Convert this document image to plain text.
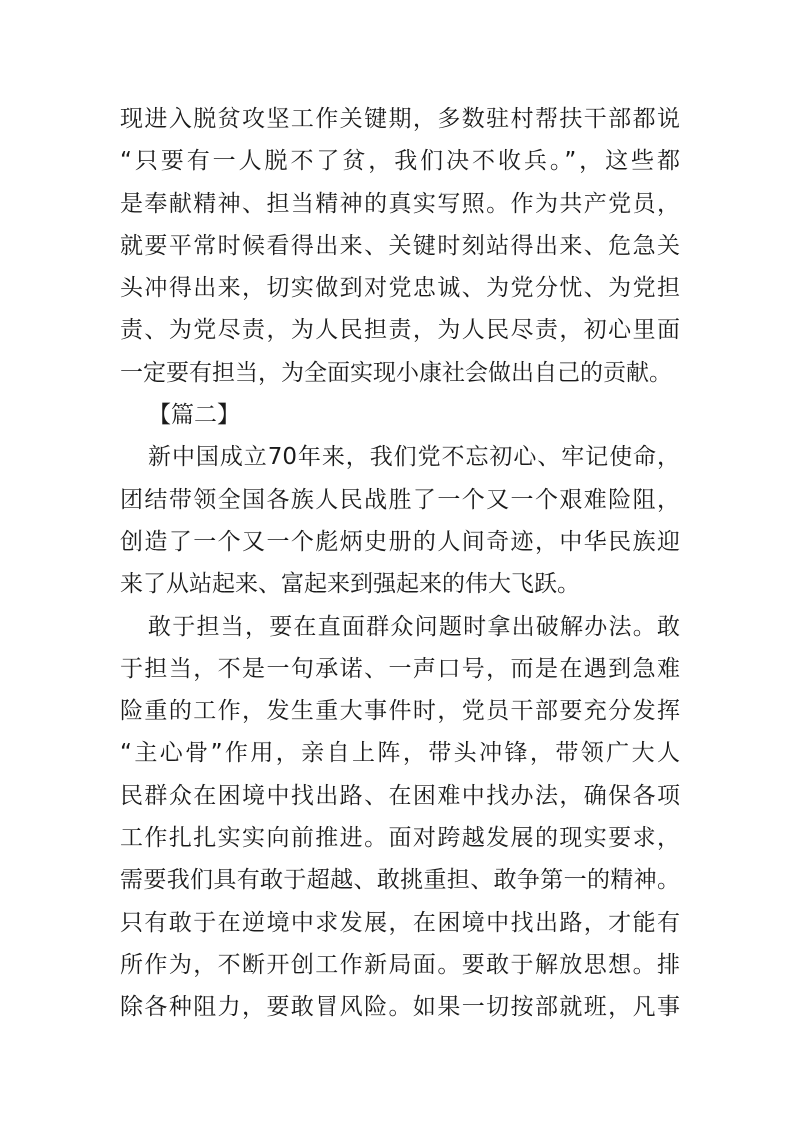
现进入脱贫攻坚工作关键期，多数驻村帮扶干部都说
“只要有一人脱不了贫，我们决不收兵。”，这些都
是奉献精神、担当精神的真实写照。作为共产党员，
就要平常时候看得出来、关键时刻站得出来、危急关
头冲得出来，切实做到对党忠诚、为党分忧、为党担
责、为党尽责，为人民担责，为人民尽责，初心里面
一定要有担当，为全面实现小康社会做出自己的贡献。
【篇二】
新中国成立70年来，我们党不忘初心、牢记使命，
团结带领全国各族人民战胜了一个又一个艰难险阻，
创造了一个又一个彪炳史册的人间奇迹，中华民族迎
来了从站起来、富起来到强起来的伟大飞跃。
敢于担当，要在直面群众问题时拿出破解办法。敢
于担当，不是一句承诺、一声口号，而是在遇到急难
险重的工作，发生重大事件时，党员干部要充分发挥
“主心骨”作用，亲自上阵，带头冲锋，带领广大人
民群众在困境中找出路、在困难中找办法，确保各项
工作扎扎实实向前推进。面对跨越发展的现实要求，
需要我们具有敢于超越、敢挑重担、敢争第一的精神。
只有敢于在逆境中求发展，在困境中找出路，才能有
所作为，不断开创工作新局面。要敢于解放思想。排
除各种阻力，要敢冒风险。如果一切按部就班，凡事
